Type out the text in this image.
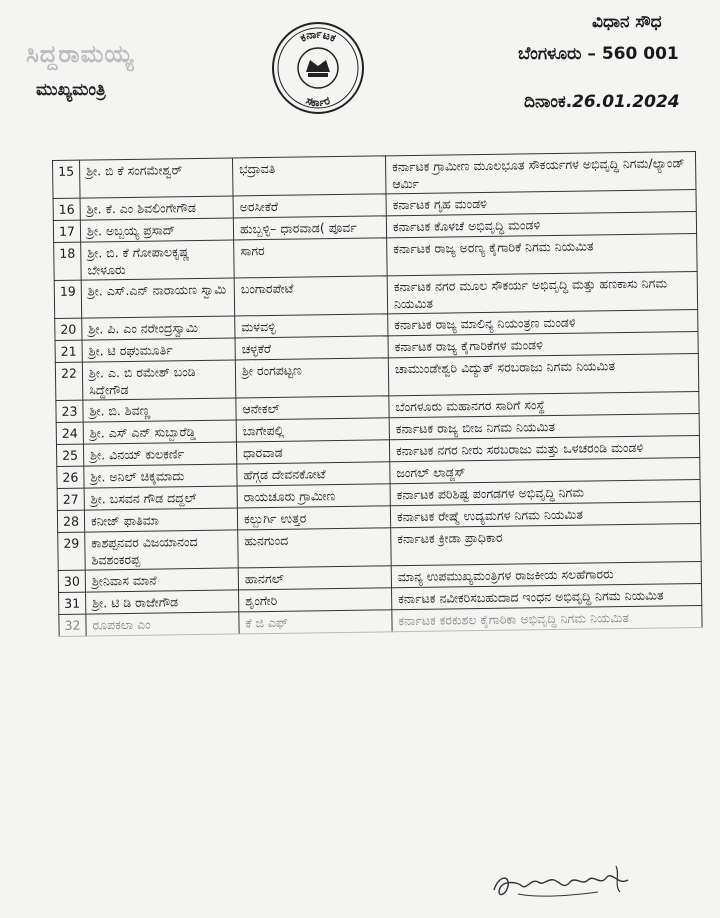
ಸಿದ್ದರಾಮಯ್ಯ
ಮುಖ್ಯಮಂತ್ರಿ
ಕರ್ನಾಟಕ
ಸರ್ಕಾರ
ವಿಧಾನ ಸೌಧ
ಬೆಂಗಳೂರು – 560 001
ದಿನಾಂಕ.26.01.2024
15	ಶ್ರೀ. ಬಿ ಕೆ ಸಂಗಮೇಶ್ವರ್	ಭದ್ರಾವತಿ	ಕರ್ನಾಟಕ ಗ್ರಾಮೀಣ ಮೂಲಭೂತ ಸೌಕರ್ಯಗಳ ಅಭಿವೃದ್ಧಿ ನಿಗಮ/ಲ್ಯಾಂಡ್ ಆರ್ಮಿ
16	ಶ್ರೀ. ಕೆ. ಎಂ ಶಿವಲಿಂಗೇಗೌಡ	ಅರಸೀಕೆರೆ	ಕರ್ನಾಟಕ ಗೃಹ ಮಂಡಳಿ
17	ಶ್ರೀ. ಅಬ್ಬಯ್ಯ ಪ್ರಸಾದ್	ಹುಬ್ಬಳ್ಳಿ– ಧಾರವಾಡ( ಪೂರ್ವ	ಕರ್ನಾಟಕ ಕೊಳಚೆ ಅಭಿವೃದ್ಧಿ ಮಂಡಳಿ
18	ಶ್ರೀ. ಬಿ. ಕೆ ಗೋಪಾಲಕೃಷ್ಣ ಬೇಳೂರು	ಸಾಗರ	ಕರ್ನಾಟಕ ರಾಜ್ಯ ಅರಣ್ಯ ಕೈಗಾರಿಕೆ ನಿಗಮ ನಿಯಮಿತ
19	ಶ್ರೀ. ಎಸ್.ಎನ್ ನಾರಾಯಣ ಸ್ವಾಮಿ	ಬಂಗಾರಪೇಟೆ	ಕರ್ನಾಟಕ ನಗರ ಮೂಲ ಸೌಕರ್ಯ ಅಭಿವೃದ್ಧಿ ಮತ್ತು ಹಣಕಾಸು ನಿಗಮ ನಿಯಮಿತ
20	ಶ್ರೀ. ಪಿ. ಎಂ ನರೇಂದ್ರಸ್ವಾಮಿ	ಮಳವಳ್ಳಿ	ಕರ್ನಾಟಕ ರಾಜ್ಯ ಮಾಲಿನ್ಯ ನಿಯಂತ್ರಣ ಮಂಡಳಿ
21	ಶ್ರೀ. ಟಿ ರಘುಮೂರ್ತಿ	ಚಳ್ಳಕೆರೆ	ಕರ್ನಾಟಕ ರಾಜ್ಯ ಕೈಗಾರಿಕೆಗಳ ಮಂಡಳಿ
22	ಶ್ರೀ. ಎ. ಬಿ ರಮೇಶ್ ಬಂಡಿ ಸಿದ್ದೇಗೌಡ	ಶ್ರೀ ರಂಗಪಟ್ಟಣ	ಚಾಮುಂಡೇಶ್ವರಿ ವಿದ್ಯುತ್ ಸರಬರಾಜು ನಿಗಮ ನಿಯಮಿತ
23	ಶ್ರೀ. ಬಿ. ಶಿವಣ್ಣ	ಆನೇಕಲ್	ಬೆಂಗಳೂರು ಮಹಾನಗರ ಸಾರಿಗೆ ಸಂಸ್ಥೆ
24	ಶ್ರೀ. ಎಸ್ ಎನ್ ಸುಬ್ಬಾರೆಡ್ಡಿ	ಬಾಗೇಪಲ್ಲಿ	ಕರ್ನಾಟಕ ರಾಜ್ಯ ಬೀಜ ನಿಗಮ ನಿಯಮಿತ
25	ಶ್ರೀ. ವಿನಯ್ ಕುಲಕರ್ಣಿ	ಧಾರವಾಡ	ಕರ್ನಾಟಕ ನಗರ ನೀರು ಸರಬರಾಜು ಮತ್ತು ಒಳಚರಂಡಿ ಮಂಡಳಿ
26	ಶ್ರೀ. ಅನಿಲ್ ಚಿಕ್ಕಮಾದು	ಹೆಗ್ಗಡ ದೇವನಕೋಟೆ	ಜಂಗಲ್ ಲಾಡ್ಜಸ್
27	ಶ್ರೀ. ಬಸವನ ಗೌಡ ದದ್ದಲ್	ರಾಯಚೂರು ಗ್ರಾಮೀಣ	ಕರ್ನಾಟಕ ಪರಿಶಿಷ್ಟ ಪಂಗಡಗಳ ಅಭಿವೃದ್ಧಿ ನಿಗಮ
28	ಕನೀಜ್ ಫಾತಿಮಾ	ಕಲ್ಬುರ್ಗಿ ಉತ್ತರ	ಕರ್ನಾಟಕ ರೇಷ್ಮೆ ಉದ್ಯಮಗಳ ನಿಗಮ ನಿಯಮಿತ
29	ಕಾಶಪ್ಪನವರ ವಿಜಯಾನಂದ ಶಿವಶಂಕರಪ್ಪ	ಹುನಗುಂದ	ಕರ್ನಾಟಕ ಕ್ರೀಡಾ ಪ್ರಾಧಿಕಾರ
30	ಶ್ರೀನಿವಾಸ ಮಾನೆ	ಹಾನಗಲ್	ಮಾನ್ಯ ಉಪಮುಖ್ಯಮಂತ್ರಿಗಳ ರಾಜಕೀಯ ಸಲಹೆಗಾರರು
31	ಶ್ರೀ. ಟಿ ಡಿ ರಾಜೇಗೌಡ	ಶೃಂಗೇರಿ	ಕರ್ನಾಟಕ ನವೀಕರಿಸಬಹುದಾದ ಇಂಧನ ಅಭಿವೃದ್ಧಿ ನಿಗಮ ನಿಯಮಿತ
32	ರೂಪಕಲಾ ಎಂ	ಕೆ ಜಿ ಎಫ್	ಕರ್ನಾಟಕ ಕರಕುಶಲ ಕೈಗಾರಿಕಾ ಅಭಿವೃದ್ಧಿ ನಿಗಮ ನಿಯಮಿತ
